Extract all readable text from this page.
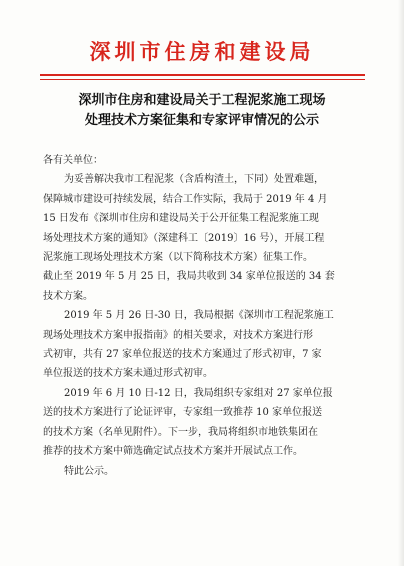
深圳市住房和建设局
深圳市住房和建设局关于工程泥浆施工现场
处理技术方案征集和专家评审情况的公示

各有关单位：

为妥善解决我市工程泥浆（含盾构渣土，下同）处置难题，
保障城市建设可持续发展，结合工作实际，我局于 2019 年 4 月
15 日发布《深圳市住房和建设局关于公开征集工程泥浆施工现
场处理技术方案的通知》（深建科工〔2019〕16 号），开展工程
泥浆施工现场处理技术方案（以下简称技术方案）征集工作。
截止至 2019 年 5 月 25 日，我局共收到 34 家单位报送的 34 套
技术方案。

2019 年 5 月 26 日-30 日，我局根据《深圳市工程泥浆施工
现场处理技术方案申报指南》的相关要求，对技术方案进行形
式初审，共有 27 家单位报送的技术方案通过了形式初审，7 家
单位报送的技术方案未通过形式初审。

2019 年 6 月 10 日-12 日，我局组织专家组对 27 家单位报
送的技术方案进行了论证评审，专家组一致推荐 10 家单位报送
的技术方案（名单见附件）。下一步，我局将组织市地铁集团在
推荐的技术方案中筛选确定试点技术方案并开展试点工作。

特此公示。
